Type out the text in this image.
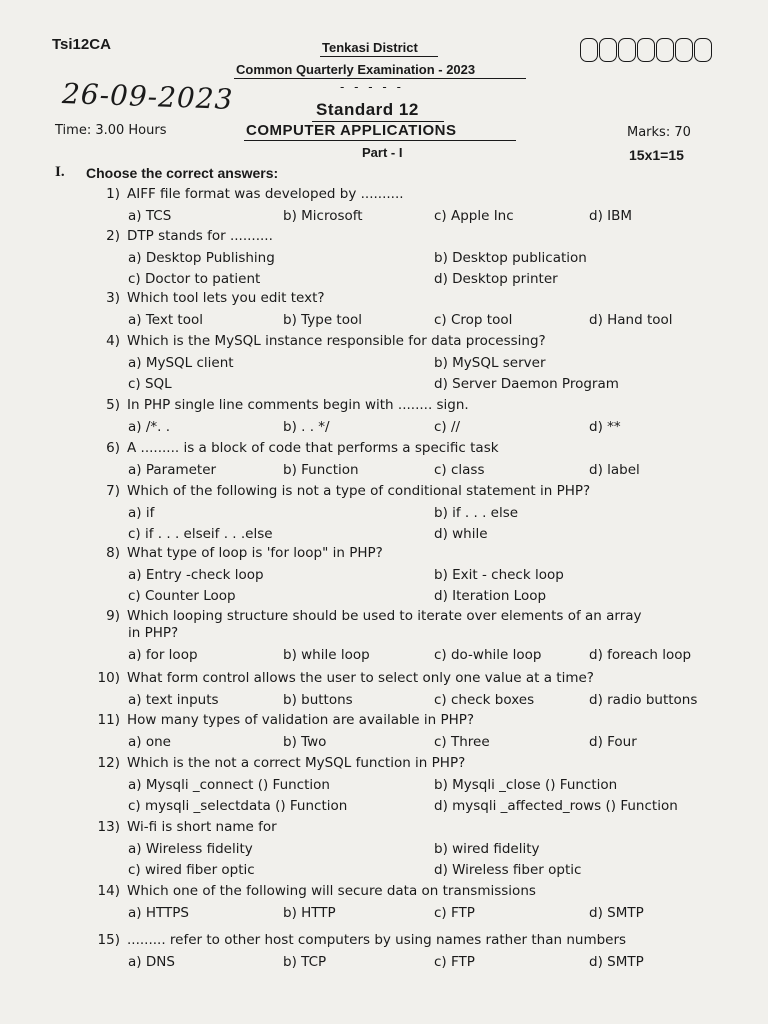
Tsi12CA	Tenkasi District
Common Quarterly Examination - 2023
- - - - -
26-09-2023	Standard 12
Time: 3.00 Hours	COMPUTER APPLICATIONS	Marks: 70
Part - I	15x1=15
I. Choose the correct answers:
1) AIFF file format was developed by ..........
a) TCS	b) Microsoft	c) Apple Inc	d) IBM
2) DTP stands for ..........
a) Desktop Publishing	b) Desktop publication
c) Doctor to patient	d) Desktop printer
3) Which tool lets you edit text?
a) Text tool	b) Type tool	c) Crop tool	d) Hand tool
4) Which is the MySQL instance responsible for data processing?
a) MySQL client	b) MySQL server
c) SQL	d) Server Daemon Program
5) In PHP single line comments begin with ........ sign.
a) /*. .	b) . . */	c) //	d) **
6) A ......... is a block of code that performs a specific task
a) Parameter	b) Function	c) class	d) label
7) Which of the following is not a type of conditional statement in PHP?
a) if	b) if . . . else
c) if . . . elseif . . .else	d) while
8) What type of loop is 'for loop" in PHP?
a) Entry -check loop	b) Exit - check loop
c) Counter Loop	d) Iteration Loop
9) Which looping structure should be used to iterate over elements of an array
in PHP?
a) for loop	b) while loop	c) do-while loop	d) foreach loop
10) What form control allows the user to select only one value at a time?
a) text inputs	b) buttons	c) check boxes	d) radio buttons
11) How many types of validation are available in PHP?
a) one	b) Two	c) Three	d) Four
12) Which is the not a correct MySQL function in PHP?
a) Mysqli _connect () Function	b) Mysqli _close () Function
c) mysqli _selectdata () Function	d) mysqli _affected_rows () Function
13) Wi-fi is short name for
a) Wireless fidelity	b) wired fidelity
c) wired fiber optic	d) Wireless fiber optic
14) Which one of the following will secure data on transmissions
a) HTTPS	b) HTTP	c) FTP	d) SMTP
15) ......... refer to other host computers by using names rather than numbers
a) DNS	b) TCP	c) FTP	d) SMTP
